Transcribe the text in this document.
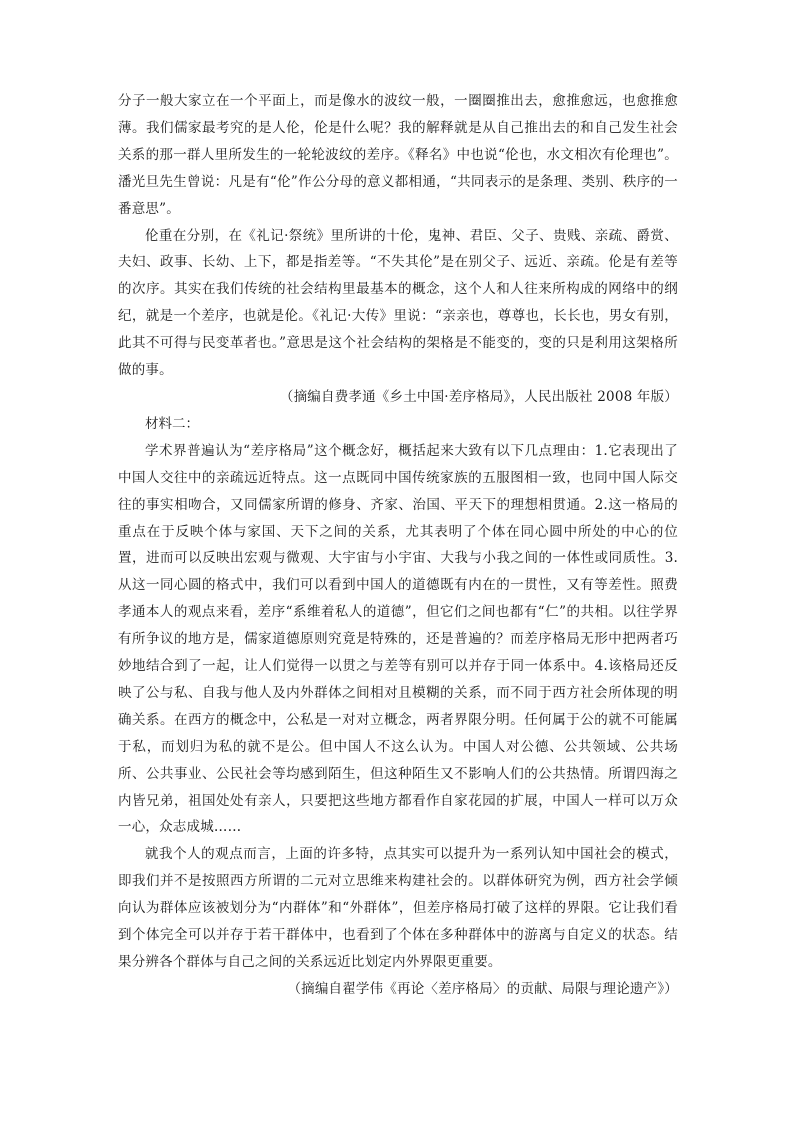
分子一般大家立在一个平面上，而是像水的波纹一般，一圈圈推出去，愈推愈远，也愈推愈薄。我们儒家最考究的是人伦，伦是什么呢？我的解释就是从自己推出去的和自己发生社会关系的那一群人里所发生的一轮轮波纹的差序。《释名》中也说“伦也，水文相次有伦理也”。潘光旦先生曾说：凡是有“伦”作公分母的意义都相通，“共同表示的是条理、类别、秩序的一番意思”。

伦重在分别，在《礼记·祭统》里所讲的十伦，鬼神、君臣、父子、贵贱、亲疏、爵赏、夫妇、政事、长幼、上下，都是指差等。“不失其伦”是在别父子、远近、亲疏。伦是有差等的次序。其实在我们传统的社会结构里最基本的概念，这个人和人往来所构成的网络中的纲纪，就是一个差序，也就是伦。《礼记·大传》里说：“亲亲也，尊尊也，长长也，男女有别，此其不可得与民变革者也。”意思是这个社会结构的架格是不能变的，变的只是利用这架格所做的事。

（摘编自费孝通《乡土中国·差序格局》，人民出版社 2008 年版）

材料二：

学术界普遍认为“差序格局”这个概念好，概括起来大致有以下几点理由：1.它表现出了中国人交往中的亲疏远近特点。这一点既同中国传统家族的五服图相一致，也同中国人际交往的事实相吻合，又同儒家所谓的修身、齐家、治国、平天下的理想相贯通。2.这一格局的重点在于反映个体与家国、天下之间的关系，尤其表明了个体在同心圆中所处的中心的位置，进而可以反映出宏观与微观、大宇宙与小宇宙、大我与小我之间的一体性或同质性。3.从这一同心圆的格式中，我们可以看到中国人的道德既有内在的一贯性，又有等差性。照费孝通本人的观点来看，差序“系维着私人的道德”，但它们之间也都有“仁”的共相。以往学界有所争议的地方是，儒家道德原则究竟是特殊的，还是普遍的？而差序格局无形中把两者巧妙地结合到了一起，让人们觉得一以贯之与差等有别可以并存于同一体系中。4.该格局还反映了公与私、自我与他人及内外群体之间相对且模糊的关系，而不同于西方社会所体现的明确关系。在西方的概念中，公私是一对对立概念，两者界限分明。任何属于公的就不可能属于私，而划归为私的就不是公。但中国人不这么认为。中国人对公德、公共领域、公共场所、公共事业、公民社会等均感到陌生，但这种陌生又不影响人们的公共热情。所谓四海之内皆兄弟，祖国处处有亲人，只要把这些地方都看作自家花园的扩展，中国人一样可以万众一心，众志成城……

就我个人的观点而言，上面的许多特，点其实可以提升为一系列认知中国社会的模式，即我们并不是按照西方所谓的二元对立思维来构建社会的。以群体研究为例，西方社会学倾向认为群体应该被划分为“内群体”和“外群体”，但差序格局打破了这样的界限。它让我们看到个体完全可以并存于若干群体中，也看到了个体在多种群体中的游离与自定义的状态。结果分辨各个群体与自己之间的关系远近比划定内外界限更重要。

（摘编自翟学伟《再论〈差序格局〉的贡献、局限与理论遗产》）
